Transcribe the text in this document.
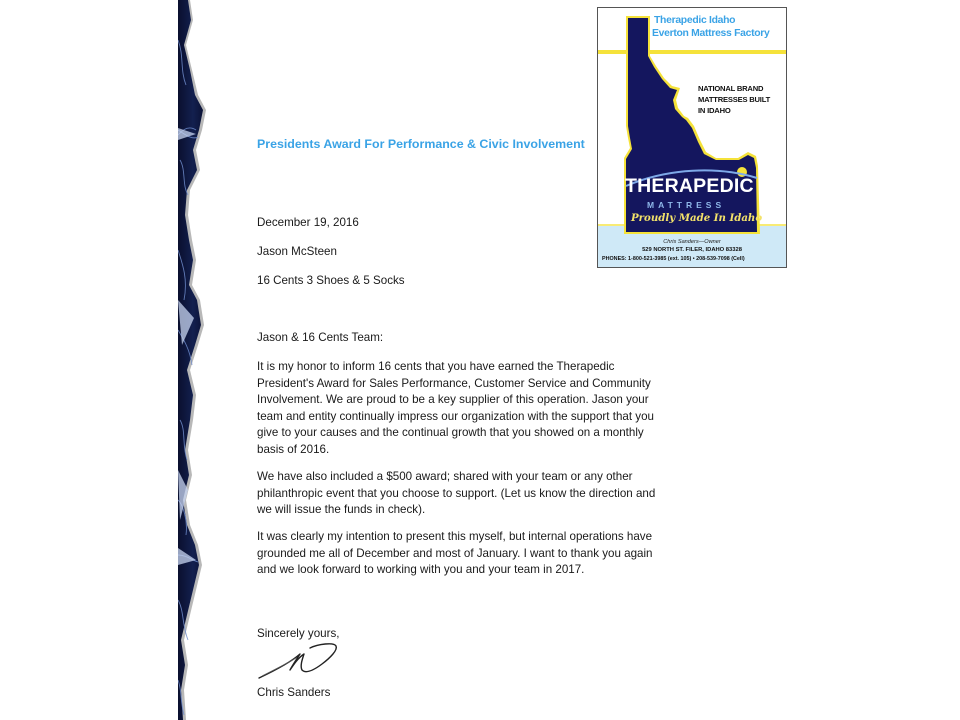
Presidents Award For Performance & Civic Involvement
December 19, 2016
Jason McSteen
16 Cents 3 Shoes & 5 Socks
Jason & 16 Cents Team:
It is my honor to inform 16 cents that you have earned the Therapedic
President's Award for Sales Performance, Customer Service and Community
Involvement. We are proud to be a key supplier of this operation. Jason your
team and entity continually impress our organization with the support that you
give to your causes and the continual growth that you showed on a monthly
basis of 2016.
We have also included a $500 award; shared with your team or any other
philanthropic event that you choose to support. (Let us know the direction and
we will issue the funds in check).
It was clearly my intention to present this myself, but internal operations have
grounded me all of December and most of January. I want to thank you again
and we look forward to working with you and your team in 2017.
Sincerely yours,
Chris Sanders
Therapedic Idaho
Everton Mattress Factory
NATIONAL BRAND
MATTRESSES BUILT
IN IDAHO
THERAPEDIC
MATTRESS
Proudly Made In Idaho
Chris Sanders—Owner
529 NORTH ST. FILER, IDAHO 83328
PHONES: 1-800-521-3985 (ext. 105) • 208-539-7098 (Cell)
